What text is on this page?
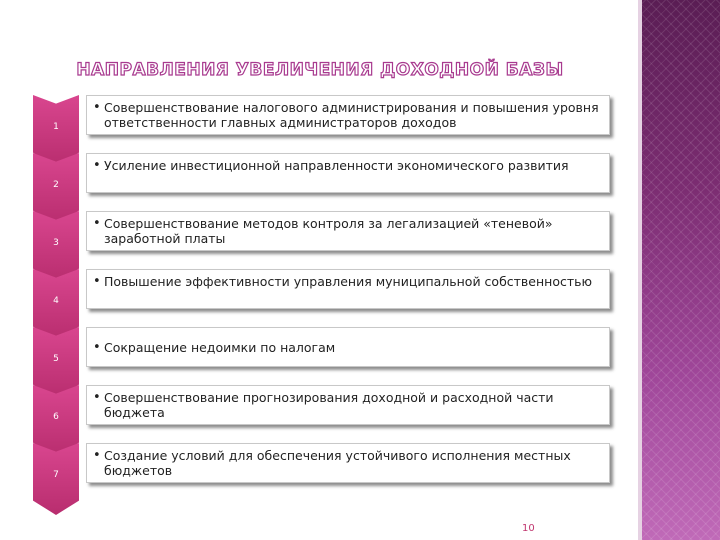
НАПРАВЛЕНИЯ УВЕЛИЧЕНИЯ ДОХОДНОЙ БАЗЫ
1
• Совершенствование налогового администрирования и повышения уровня ответственности главных администраторов доходов
2
• Усиление инвестиционной направленности экономического развития
3
• Совершенствование методов контроля за легализацией «теневой» заработной платы
4
• Повышение эффективности управления муниципальной собственностью
5
• Сокращение недоимки по налогам
6
• Совершенствование прогнозирования доходной и расходной части бюджета
7
• Создание условий для обеспечения устойчивого исполнения местных бюджетов
10
